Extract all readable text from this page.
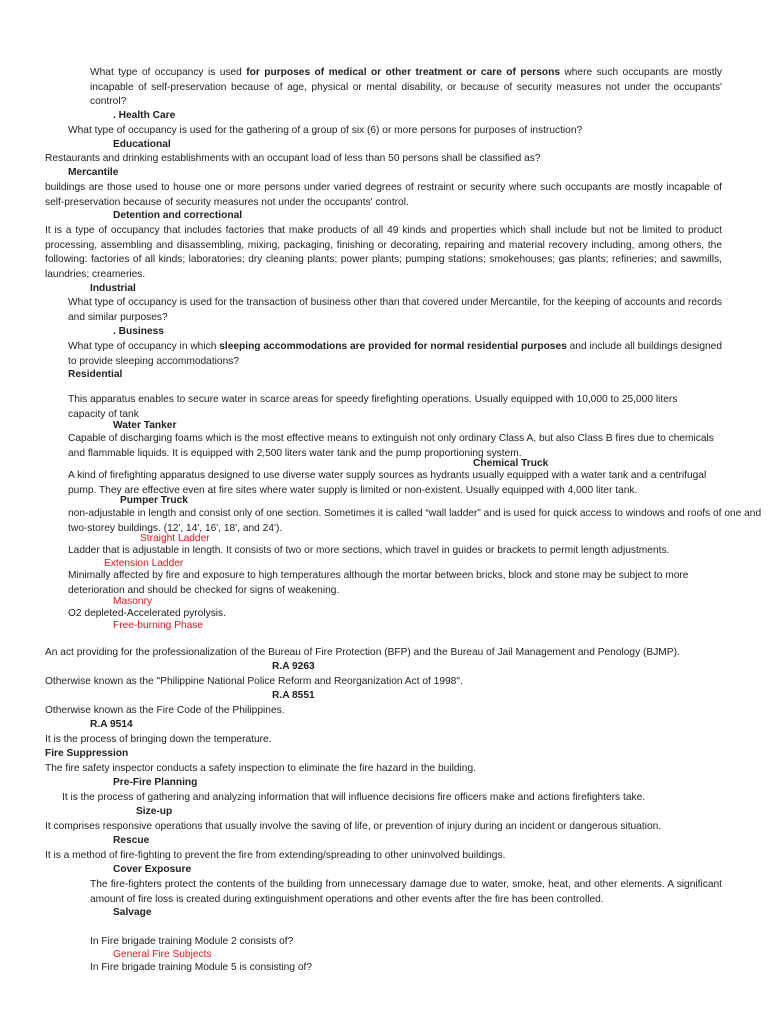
What type of occupancy is used for purposes of medical or other treatment or care of persons where such occupants are mostly incapable of self-preservation because of age, physical or mental disability, or because of security measures not under the occupants' control?

. Health Care

What type of occupancy is used for the gathering of a group of six (6) or more persons for purposes of instruction?

Educational

Restaurants and drinking establishments with an occupant load of less than 50 persons shall be classified as?

Mercantile

buildings are those used to house one or more persons under varied degrees of restraint or security where such occupants are mostly incapable of self-preservation because of security measures not under the occupants' control.

Detention and correctional

It is a type of occupancy that includes factories that make products of all 49 kinds and properties which shall include but not be limited to product processing, assembling and disassembling, mixing, packaging, finishing or decorating, repairing and material recovery including, among others, the following: factories of all kinds; laboratories; dry cleaning plants; power plants; pumping stations; smokehouses; gas plants; refineries; and sawmills, laundries; creameries.

Industrial

What type of occupancy is used for the transaction of business other than that covered under Mercantile, for the keeping of accounts and records and similar purposes?

. Business

What type of occupancy in which sleeping accommodations are provided for normal residential purposes and include all buildings designed to provide sleeping accommodations?

Residential

This apparatus enables to secure water in scarce areas for speedy firefighting operations. Usually equipped with 10,000 to 25,000 liters capacity of tank

Water Tanker

Capable of discharging foams which is the most effective means to extinguish not only ordinary Class A, but also Class B fires due to chemicals and flammable liquids. It is equipped with 2,500 liters water tank and the pump proportioning system.

Chemical Truck

A kind of firefighting apparatus designed to use diverse water supply sources as hydrants usually equipped with a water tank and a centrifugal pump. They are effective even at fire sites where water supply is limited or non-existent. Usually equipped with 4,000 liter tank.

Pumper Truck

non-adjustable in length and consist only of one section. Sometimes it is called “wall ladder” and is used for quick access to windows and roofs of one and two-storey buildings. (12', 14', 16', 18', and 24').

Straight Ladder

Ladder that is adjustable in length. It consists of two or more sections, which travel in guides or brackets to permit length adjustments.

Extension Ladder

Minimally affected by fire and exposure to high temperatures although the mortar between bricks, block and stone may be subject to more deterioration and should be checked for signs of weakening.

Masonry

O2 depleted-Accelerated pyrolysis.

Free-burning Phase

An act providing for the professionalization of the Bureau of Fire Protection (BFP) and the Bureau of Jail Management and Penology (BJMP).

R.A 9263

Otherwise known as the "Philippine National Police Reform and Reorganization Act of 1998".

R.A 8551

Otherwise known as the Fire Code of the Philippines.

R.A 9514

It is the process of bringing down the temperature.

Fire Suppression

The fire safety inspector conducts a safety inspection to eliminate the fire hazard in the building.

Pre-Fire Planning

It is the process of gathering and analyzing information that will influence decisions fire officers make and actions firefighters take.

Size-up

It comprises responsive operations that usually involve the saving of life, or prevention of injury during an incident or dangerous situation.

Rescue

It is a method of fire-fighting to prevent the fire from extending/spreading to other uninvolved buildings.

Cover Exposure

The fire-fighters protect the contents of the building from unnecessary damage due to water, smoke, heat, and other elements. A significant amount of fire loss is created during extinguishment operations and other events after the fire has been controlled.

Salvage

In Fire brigade training Module 2 consists of?

General Fire Subjects

In Fire brigade training Module 5 is consisting of?
